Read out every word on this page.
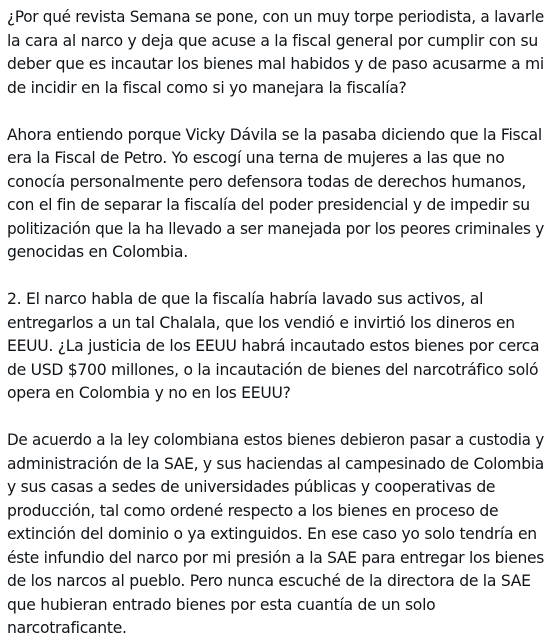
¿Por qué revista Semana se pone, con un muy torpe periodista, a lavarle
la cara al narco y deja que acuse a la fiscal general por cumplir con su
deber que es incautar los bienes mal habidos y de paso acusarme a mi
de incidir en la fiscal como si yo manejara la fiscalía?

Ahora entiendo porque Vicky Dávila se la pasaba diciendo que la Fiscal
era la Fiscal de Petro. Yo escogí una terna de mujeres a las que no
conocía personalmente pero defensora todas de derechos humanos,
con el fin de separar la fiscalía del poder presidencial y de impedir su
politización que la ha llevado a ser manejada por los peores criminales y
genocidas en Colombia.

2. El narco habla de que la fiscalía habría lavado sus activos, al
entregarlos a un tal Chalala, que los vendió e invirtió los dineros en
EEUU. ¿La justicia de los EEUU habrá incautado estos bienes por cerca
de USD $700 millones, o la incautación de bienes del narcotráfico soló
opera en Colombia y no en los EEUU?

De acuerdo a la ley colombiana estos bienes debieron pasar a custodia y
administración de la SAE, y sus haciendas al campesinado de Colombia
y sus casas a sedes de universidades públicas y cooperativas de
producción, tal como ordené respecto a los bienes en proceso de
extinción del dominio o ya extinguidos. En ese caso yo solo tendría en
éste infundio del narco por mi presión a la SAE para entregar los bienes
de los narcos al pueblo. Pero nunca escuché de la directora de la SAE
que hubieran entrado bienes por esta cuantía de un solo
narcotraficante.
